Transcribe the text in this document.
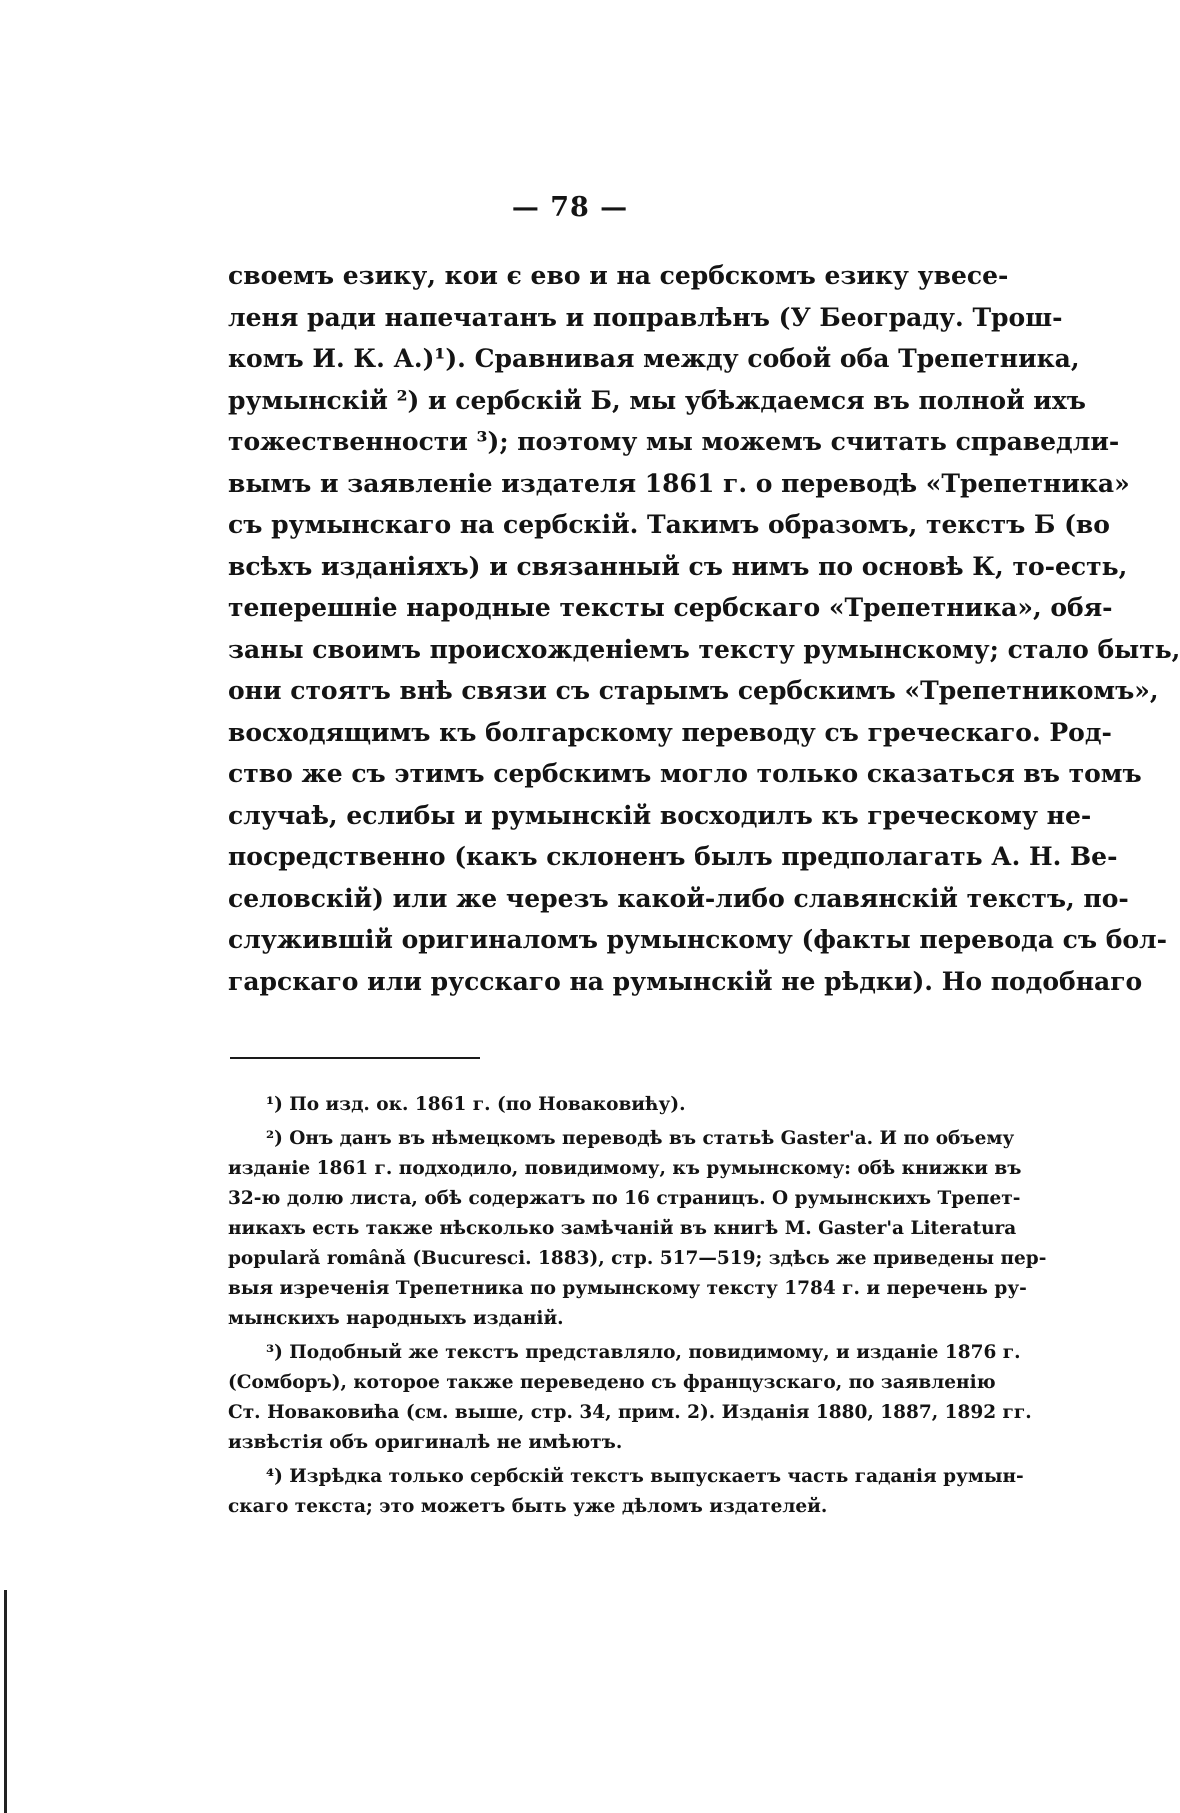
— 78 —
своемъ езику, кои є ево и на сербскомъ езику увесе-
леня ради напечатанъ и поправлѣнъ (У Београду. Трош-
комъ И. К. А.)¹). Сравнивая между собой оба Трепетника,
румынскій ²) и сербскій Б, мы убѣждаемся въ полной ихъ
тожественности ³); поэтому мы можемъ считать справедли-
вымъ и заявленіе издателя 1861 г. о переводѣ «Трепетника»
съ румынскаго на сербскій. Такимъ образомъ, текстъ Б (во
всѣхъ изданіяхъ) и связанный съ нимъ по основѣ К, то-есть,
теперешніе народные тексты сербскаго «Трепетника», обя-
заны своимъ происхожденіемъ тексту румынскому; стало быть,
они стоятъ внѣ связи съ старымъ сербскимъ «Трепетникомъ»,
восходящимъ къ болгарскому переводу съ греческаго. Род-
ство же съ этимъ сербскимъ могло только сказаться въ томъ
случаѣ, еслибы и румынскій восходилъ къ греческому не-
посредственно (какъ склоненъ былъ предполагать А. Н. Ве-
селовскій) или же черезъ какой-либо славянскій текстъ, по-
служившій оригиналомъ румынскому (факты перевода съ бол-
гарскаго или русскаго на румынскій не рѣдки). Но подобнаго
¹) По изд. ок. 1861 г. (по Новаковићу).
²) Онъ данъ въ нѣмецкомъ переводѣ въ статьѣ Gaster'а. И по объему
изданіе 1861 г. подходило, повидимому, къ румынскому: обѣ книжки въ
32-ю долю листа, обѣ содержатъ по 16 страницъ. О румынскихъ Трепет-
никахъ есть также нѣсколько замѣчаній въ книгѣ M. Gaster'а Literatura
popularǎ românǎ (Bucurescі. 1883), стр. 517—519; здѣсь же приведены пер-
выя изреченія Трепетника по румынскому тексту 1784 г. и перечень ру-
мынскихъ народныхъ изданій.
³) Подобный же текстъ представляло, повидимому, и изданіе 1876 г.
(Сомборъ), которое также переведено съ французскаго, по заявленію
Ст. Новаковића (см. выше, стр. 34, прим. 2). Изданія 1880, 1887, 1892 гг.
извѣстія объ оригиналѣ не имѣютъ.
⁴) Изрѣдка только сербскій текстъ выпускаетъ часть гаданія румын-
скаго текста; это можетъ быть уже дѣломъ издателей.
